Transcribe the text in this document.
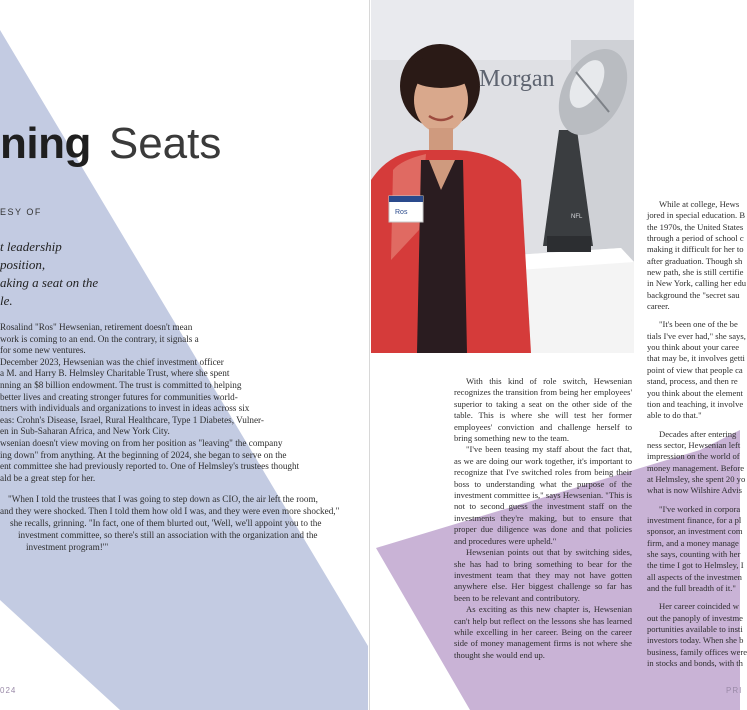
ning Seats
ESY OF
t leadership position,
aking a seat on the
le.

Rosalind "Ros" Hewsenian, retirement doesn't mean

work is coming to an end. On the contrary, it signals a

for some new ventures.

December 2023, Hewsenian was the chief investment officer

a M. and Harry B. Helmsley Charitable Trust, where she spent

nning an $8 billion endowment. The trust is committed to helping

better lives and creating stronger futures for communities world-

tners with individuals and organizations to invest in ideas across six

eas: Crohn's Disease, Israel, Rural Healthcare, Type 1 Diabetes, Vulner-

en in Sub-Saharan Africa, and New York City.

wsenian doesn't view moving on from her position as "leaving" the company

ing down" from anything. At the beginning of 2024, she began to serve on the

ent committee she had previously reported to. One of Helmsley's trustees thought

ald be a great step for her.

"When I told the trustees that I was going to step down as CIO, the air left the room,
and they were shocked. Then I told them how old I was, and they were even more shocked,"
she recalls, grinning. "In fact, one of them blurted out, 'Well, we'll appoint you to the
investment committee, so there's still an association with the organization and the
investment program!'"
024
Ros
NFL
Morgan

With this kind of role switch, Hewsenian recognizes the transition from being her employees' superior to taking a seat on the other side of the table. This is where she will test her former employees' conviction and challenge herself to bring something new to the team.

"I've been teasing my staff about the fact that, as we are doing our work together, it's important to recognize that I've switched roles from being their boss to understanding what the purpose of the investment committee is," says Hewsenian. "This is not to second guess the investment staff on the investments they're making, but to ensure that proper due diligence was done and that policies and procedures were upheld."

Hewsenian points out that by switching sides, she has had to bring something to bear for the investment team that they may not have gotten anywhere else. Her biggest challenge so far has been to be relevant and contributory.

As exciting as this new chapter is, Hewsenian can't help but reflect on the lessons she has learned while excelling in her career. Being on the career side of money management firms is not where she thought she would end up.

While at college, Hews
jored in special education. B
the 1970s, the United States
through a period of school c
making it difficult for her to
after graduation. Though sh
new path, she is still certifie
in New York, calling her edu
background the "secret sau
career.
"It's been one of the be
tials I've ever had," she says,
you think about your caree
that may be, it involves getti
point of view that people ca
stand, process, and then re
you think about the element
tion and teaching, it involve
able to do that."
Decades after entering
ness sector, Hewsenian left
impression on the world of
money management. Before
at Helmsley, she spent 20 yo
what is now Wilshire Advis
"I've worked in corpora
investment finance, for a pl
sponsor, an investment com
firm, and a money manage
she says, counting with her
the time I got to Helmsley, I
all aspects of the investmen
and the full breadth of it."
Her career coincided w
out the panoply of investme
portunities available to insti
investors today. When she b
business, family offices were
in stocks and bonds, with th
PRI
